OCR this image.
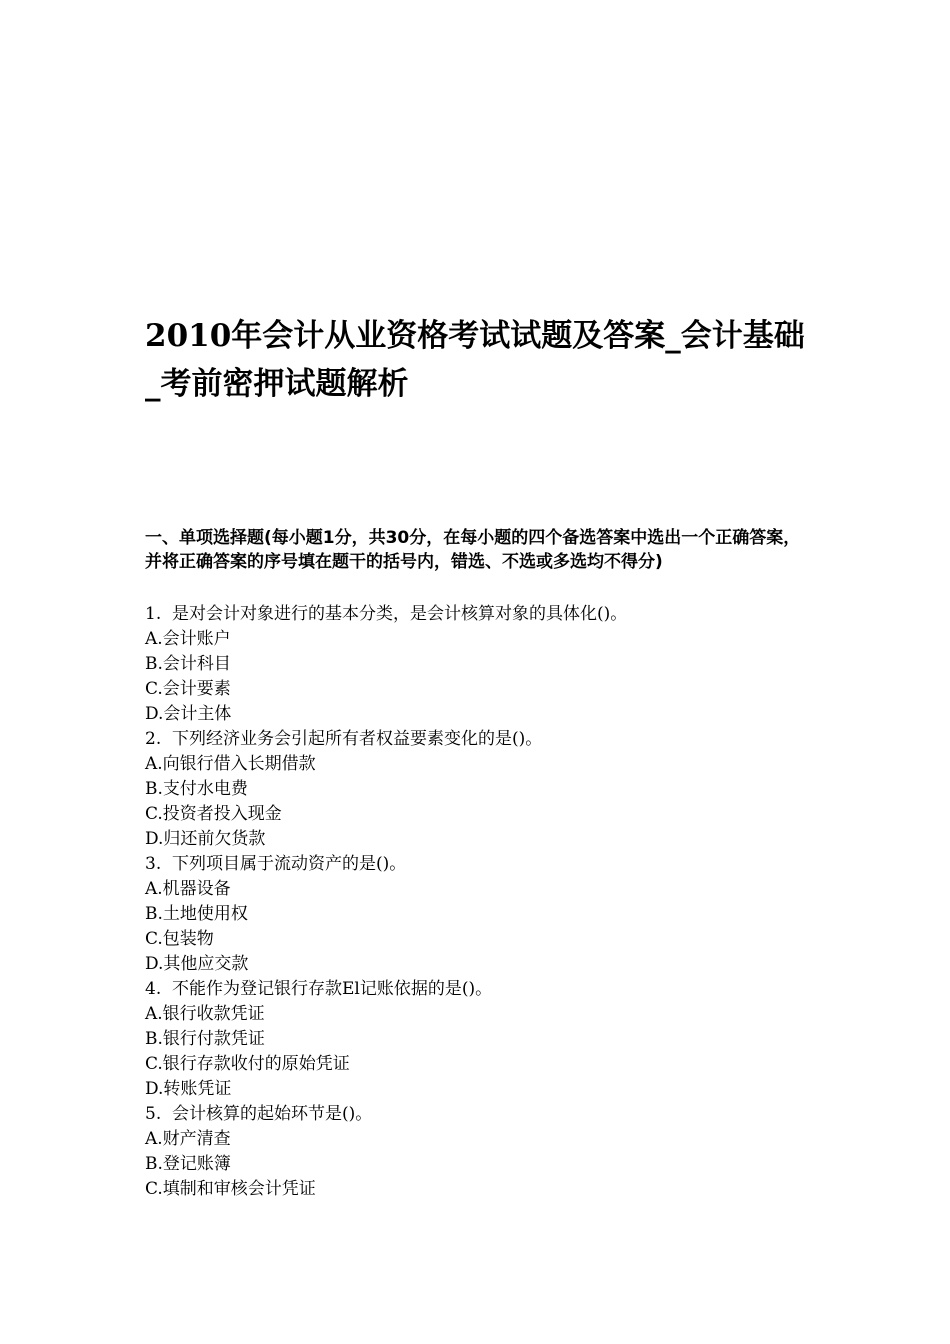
2010年会计从业资格考试试题及答案_会计基础_考前密押试题解析

一、单项选择题(每小题1分，共30分，在每小题的四个备选答案中选出一个正确答案，并将正确答案的序号填在题干的括号内，错选、不选或多选均不得分)

1.  是对会计对象进行的基本分类，是会计核算对象的具体化()。
A.会计账户
B.会计科目
C.会计要素
D.会计主体
2.  下列经济业务会引起所有者权益要素变化的是()。
A.向银行借入长期借款
B.支付水电费
C.投资者投入现金
D.归还前欠货款
3.  下列项目属于流动资产的是()。
A.机器设备
B.土地使用权
C.包装物
D.其他应交款
4.  不能作为登记银行存款El记账依据的是()。
A.银行收款凭证
B.银行付款凭证
C.银行存款收付的原始凭证
D.转账凭证
5.  会计核算的起始环节是()。
A.财产清查
B.登记账簿
C.填制和审核会计凭证
